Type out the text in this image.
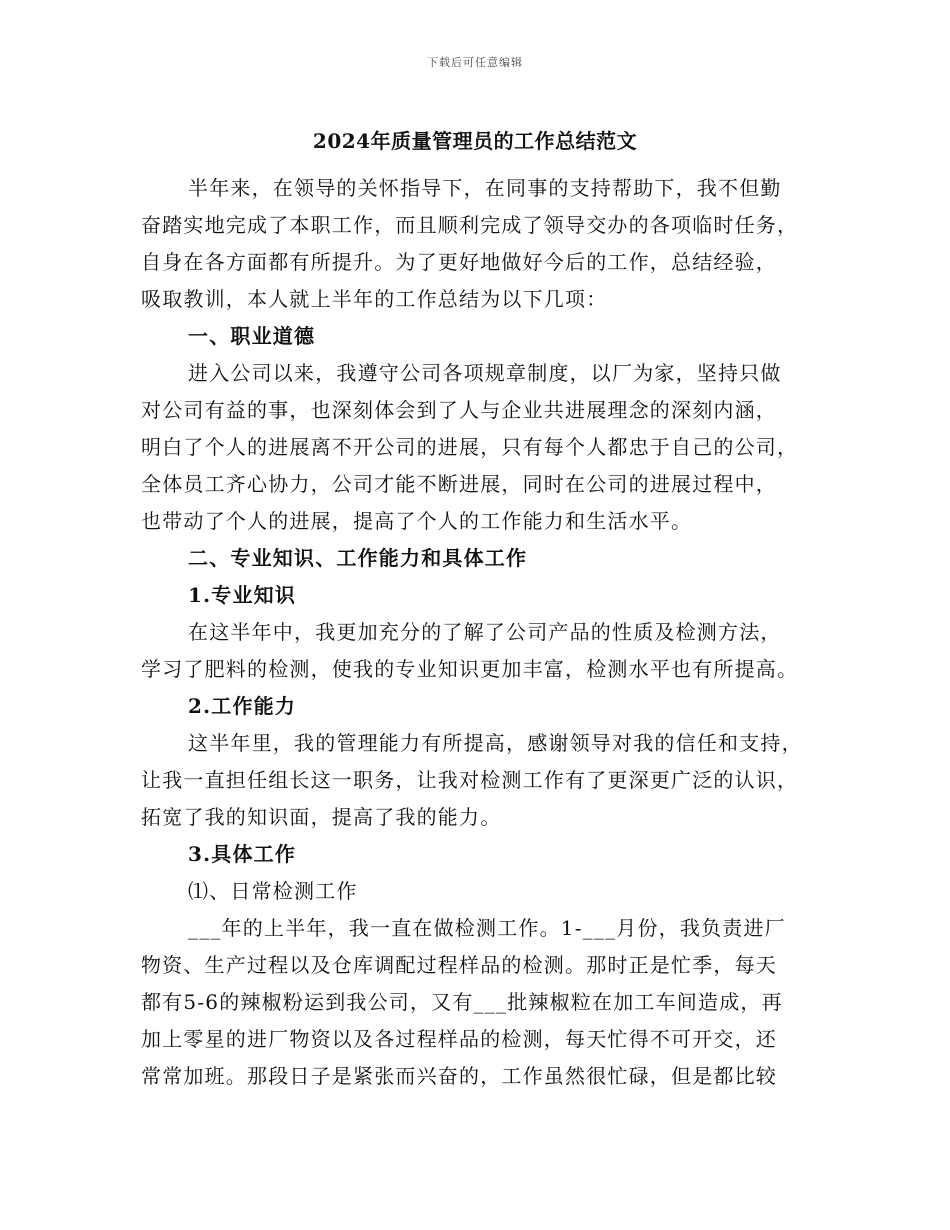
下载后可任意编辑
2024年质量管理员的工作总结范文
半年来，在领导的关怀指导下，在同事的支持帮助下，我不但勤
奋踏实地完成了本职工作，而且顺利完成了领导交办的各项临时任务，
自身在各方面都有所提升。为了更好地做好今后的工作，总结经验，
吸取教训，本人就上半年的工作总结为以下几项：
一、职业道德
进入公司以来，我遵守公司各项规章制度，以厂为家，坚持只做
对公司有益的事，也深刻体会到了人与企业共进展理念的深刻内涵，
明白了个人的进展离不开公司的进展，只有每个人都忠于自己的公司，
全体员工齐心协力，公司才能不断进展，同时在公司的进展过程中，
也带动了个人的进展，提高了个人的工作能力和生活水平。
二、专业知识、工作能力和具体工作
1.专业知识
在这半年中，我更加充分的了解了公司产品的性质及检测方法，
学习了肥料的检测，使我的专业知识更加丰富，检测水平也有所提高。
2.工作能力
这半年里，我的管理能力有所提高，感谢领导对我的信任和支持，
让我一直担任组长这一职务，让我对检测工作有了更深更广泛的认识，
拓宽了我的知识面，提高了我的能力。
3.具体工作
⑴、日常检测工作
___年的上半年，我一直在做检测工作。1-___月份，我负责进厂
物资、生产过程以及仓库调配过程样品的检测。那时正是忙季，每天
都有5-6的辣椒粉运到我公司，又有___批辣椒粒在加工车间造成，再
加上零星的进厂物资以及各过程样品的检测，每天忙得不可开交，还
常常加班。那段日子是紧张而兴奋的，工作虽然很忙碌，但是都比较
